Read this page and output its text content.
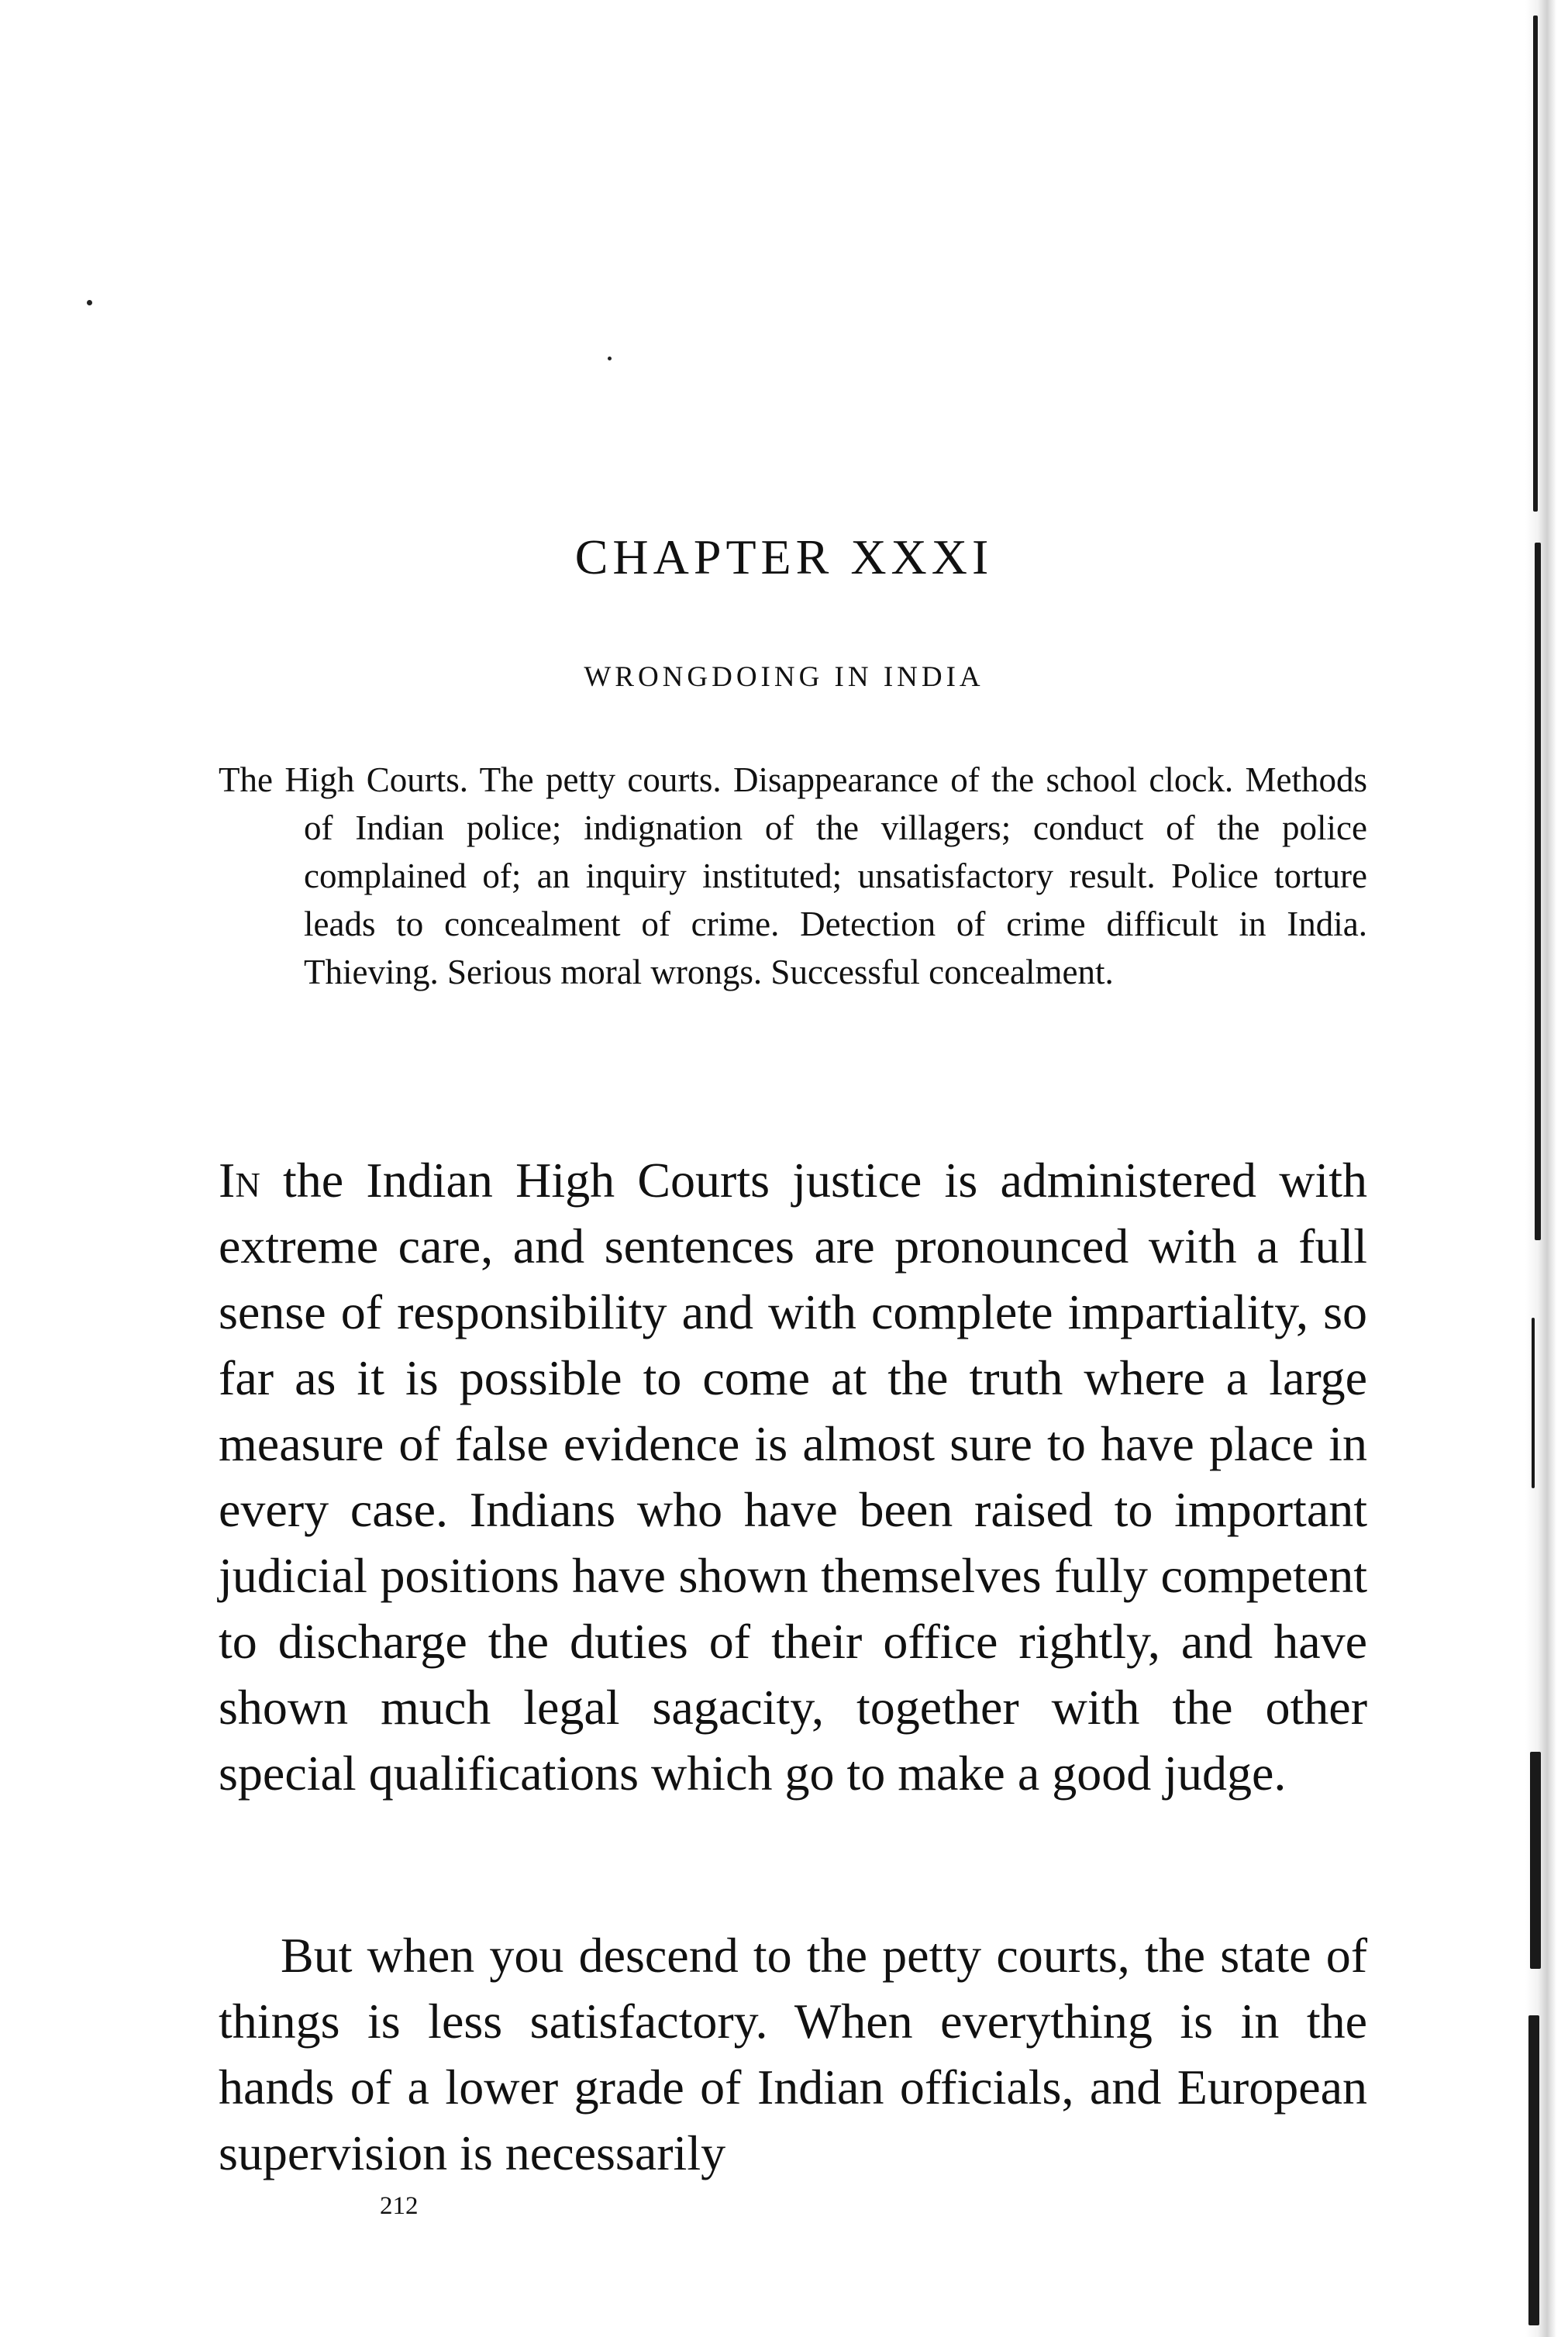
CHAPTER XXXI
WRONGDOING IN INDIA

The High Courts. The petty courts. Disappearance of the school clock. Methods of Indian police; indignation of the villagers; conduct of the police complained of; an inquiry instituted; unsatisfactory result. Police torture leads to concealment of crime. Detection of crime difficult in India. Thieving. Serious moral wrongs. Successful concealment.

In the Indian High Courts justice is administered with extreme care, and sentences are pronounced with a full sense of responsibility and with complete impartiality, so far as it is possible to come at the truth where a large measure of false evidence is almost sure to have place in every case. Indians who have been raised to important judicial positions have shown themselves fully competent to discharge the duties of their office rightly, and have shown much legal sagacity, together with the other special qualifications which go to make a good judge.

But when you descend to the petty courts, the state of things is less satisfactory. When everything is in the hands of a lower grade of Indian officials, and European supervision is necessarily

212
